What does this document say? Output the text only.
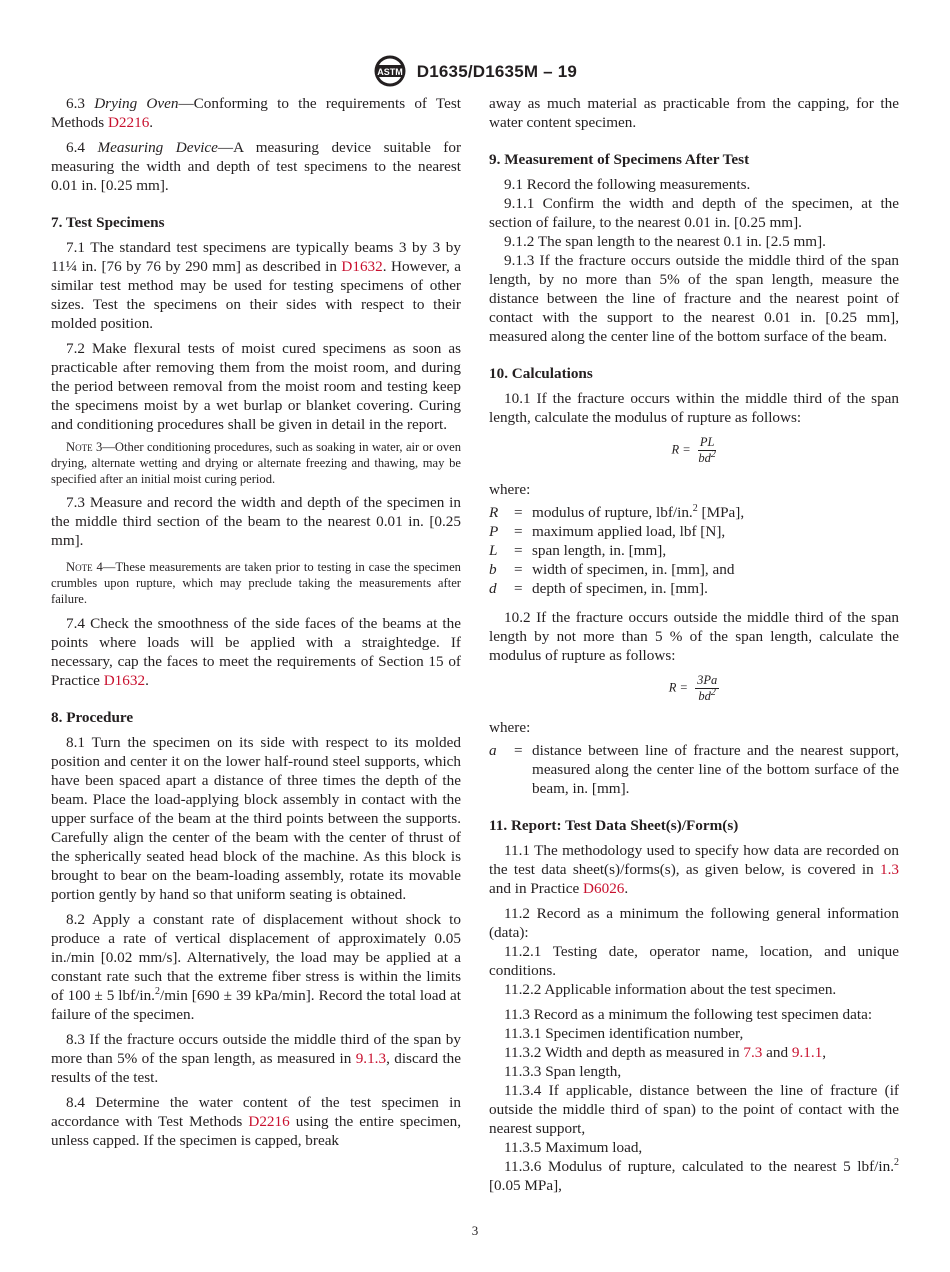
ASTM D1635/D1635M – 19

6.3 Drying Oven—Conforming to the requirements of Test Methods D2216.

6.4 Measuring Device—A measuring device suitable for measuring the width and depth of test specimens to the nearest 0.01 in. [0.25 mm].

7. Test Specimens

7.1 The standard test specimens are typically beams 3 by 3 by 11¼ in. [76 by 76 by 290 mm] as described in D1632. However, a similar test method may be used for testing specimens of other sizes. Test the specimens on their sides with respect to their molded position.

7.2 Make flexural tests of moist cured specimens as soon as practicable after removing them from the moist room, and during the period between removal from the moist room and testing keep the specimens moist by a wet burlap or blanket covering. Curing and conditioning procedures shall be given in detail in the report.

Note 3—Other conditioning procedures, such as soaking in water, air or oven drying, alternate wetting and drying or alternate freezing and thawing, may be specified after an initial moist curing period.

7.3 Measure and record the width and depth of the specimen in the middle third section of the beam to the nearest 0.01 in. [0.25 mm].

Note 4—These measurements are taken prior to testing in case the specimen crumbles upon rupture, which may preclude taking the measurements after failure.

7.4 Check the smoothness of the side faces of the beams at the points where loads will be applied with a straightedge. If necessary, cap the faces to meet the requirements of Section 15 of Practice D1632.

8. Procedure

8.1 Turn the specimen on its side with respect to its molded position and center it on the lower half-round steel supports, which have been spaced apart a distance of three times the depth of the beam. Place the load-applying block assembly in contact with the upper surface of the beam at the third points between the supports. Carefully align the center of the beam with the center of thrust of the spherically seated head block of the machine. As this block is brought to bear on the beam-loading assembly, rotate its movable portion gently by hand so that uniform seating is obtained.

8.2 Apply a constant rate of displacement without shock to produce a rate of vertical displacement of approximately 0.05 in./min [0.02 mm/s]. Alternatively, the load may be applied at a constant rate such that the extreme fiber stress is within the limits of 100 ± 5 lbf/in.$^2$/min [690 ± 39 kPa/min]. Record the total load at failure of the specimen.

8.3 If the fracture occurs outside the middle third of the span by more than 5% of the span length, as measured in 9.1.3, discard the results of the test.

8.4 Determine the water content of the test specimen in accordance with Test Methods D2216 using the entire specimen, unless capped. If the specimen is capped, break

away as much material as practicable from the capping, for the water content specimen.

9. Measurement of Specimens After Test

9.1 Record the following measurements.

9.1.1 Confirm the width and depth of the specimen, at the section of failure, to the nearest 0.01 in. [0.25 mm].

9.1.2 The span length to the nearest 0.1 in. [2.5 mm].

9.1.3 If the fracture occurs outside the middle third of the span length, by no more than 5% of the span length, measure the distance between the line of fracture and the nearest point of contact with the support to the nearest 0.01 in. [0.25 mm], measured along the center line of the bottom surface of the beam.

10. Calculations

10.1 If the fracture occurs within the middle third of the span length, calculate the modulus of rupture as follows:

$R = \frac{PL}{bd^2}$
where:
R	= modulus of rupture, lbf/in.$^2$ [MPa],
P	= maximum applied load, lbf [N],
L	= span length, in. [mm],
b	= width of specimen, in. [mm], and
d	= depth of specimen, in. [mm].

10.2 If the fracture occurs outside the middle third of the span length by not more than 5 % of the span length, calculate the modulus of rupture as follows:

$R = \frac{3Pa}{bd^2}$
where:
a	= distance between line of fracture and the nearest support, measured along the center line of the bottom surface of the beam, in. [mm].
11. Report: Test Data Sheet(s)/Form(s)

11.1 The methodology used to specify how data are recorded on the test data sheet(s)/forms(s), as given below, is covered in 1.3 and in Practice D6026.

11.2 Record as a minimum the following general information (data):

11.2.1 Testing date, operator name, location, and unique conditions.

11.2.2 Applicable information about the test specimen.

11.3 Record as a minimum the following test specimen data:

11.3.1 Specimen identification number,

11.3.2 Width and depth as measured in 7.3 and 9.1.1,

11.3.3 Span length,

11.3.4 If applicable, distance between the line of fracture (if outside the middle third of span) to the point of contact with the nearest support,

11.3.5 Maximum load,

11.3.6 Modulus of rupture, calculated to the nearest 5 lbf/in.$^2$ [0.05 MPa],

3
